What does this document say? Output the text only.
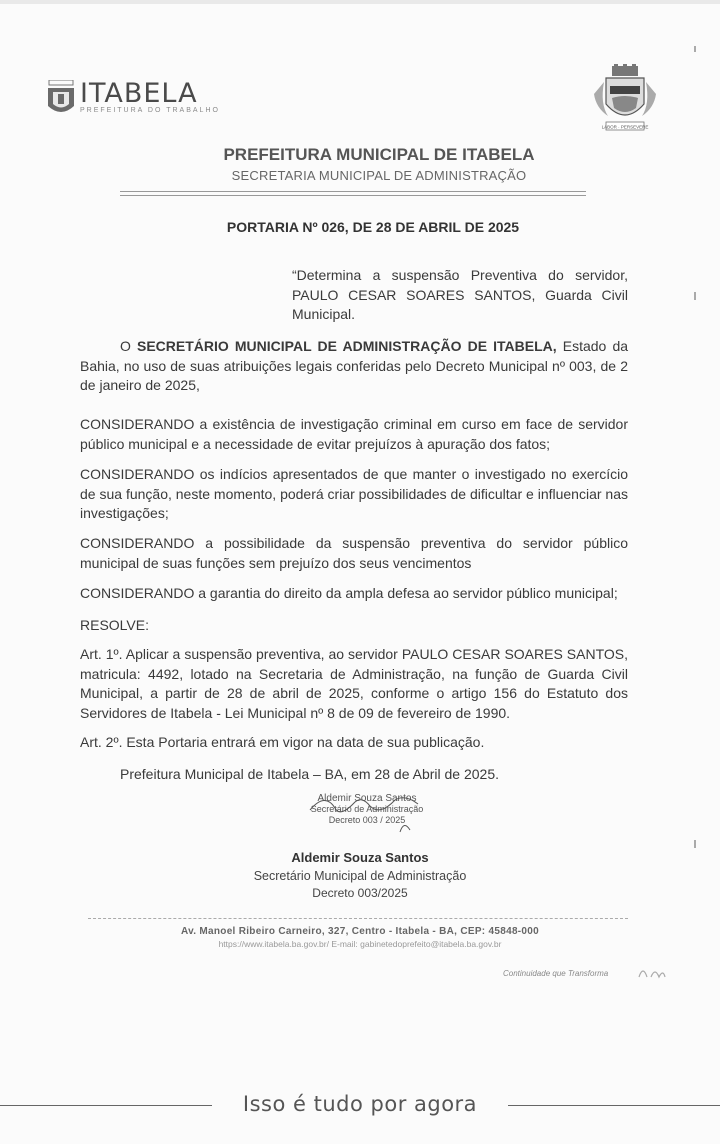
ITABELA
PREFEITURA DO TRABALHO
LABOR · PERSEVERE
PREFEITURA MUNICIPAL DE ITABELA
SECRETARIA MUNICIPAL DE ADMINISTRAÇÃO
PORTARIA Nº 026, DE 28 DE ABRIL DE 2025
“Determina a suspensão Preventiva do servidor, PAULO CESAR SOARES SANTOS, Guarda Civil Municipal.
O SECRETÁRIO MUNICIPAL DE ADMINISTRAÇÃO DE ITABELA, Estado da Bahia, no uso de suas atribuições legais conferidas pelo Decreto Municipal nº 003, de 2 de janeiro de 2025,
CONSIDERANDO a existência de investigação criminal em curso em face de servidor público municipal e a necessidade de evitar prejuízos à apuração dos fatos;
CONSIDERANDO os indícios apresentados de que manter o investigado no exercício de sua função, neste momento, poderá criar possibilidades de dificultar e influenciar nas investigações;
CONSIDERANDO a possibilidade da suspensão preventiva do servidor público municipal de suas funções sem prejuízo dos seus vencimentos
CONSIDERANDO a garantia do direito da ampla defesa ao servidor público municipal;
RESOLVE:
Art. 1º. Aplicar a suspensão preventiva, ao servidor PAULO CESAR SOARES SANTOS, matricula: 4492, lotado na Secretaria de Administração, na função de Guarda Civil Municipal, a partir de 28 de abril de 2025, conforme o artigo 156 do Estatuto dos Servidores de Itabela - Lei Municipal nº 8 de 09 de fevereiro de 1990.
Art. 2º. Esta Portaria entrará em vigor na data de sua publicação.
Prefeitura Municipal de Itabela – BA, em 28 de Abril de 2025.
Aldemir Souza Santos
Secretário de Administração
Decreto 003 / 2025
Aldemir Souza Santos
Secretário Municipal de Administração
Decreto 003/2025
Av. Manoel Ribeiro Carneiro, 327, Centro - Itabela - BA, CEP: 45848-000
https://www.itabela.ba.gov.br/ E-mail: gabinetedoprefeito@itabela.ba.gov.br
Continuidade que Transforma
Isso é tudo por agora
